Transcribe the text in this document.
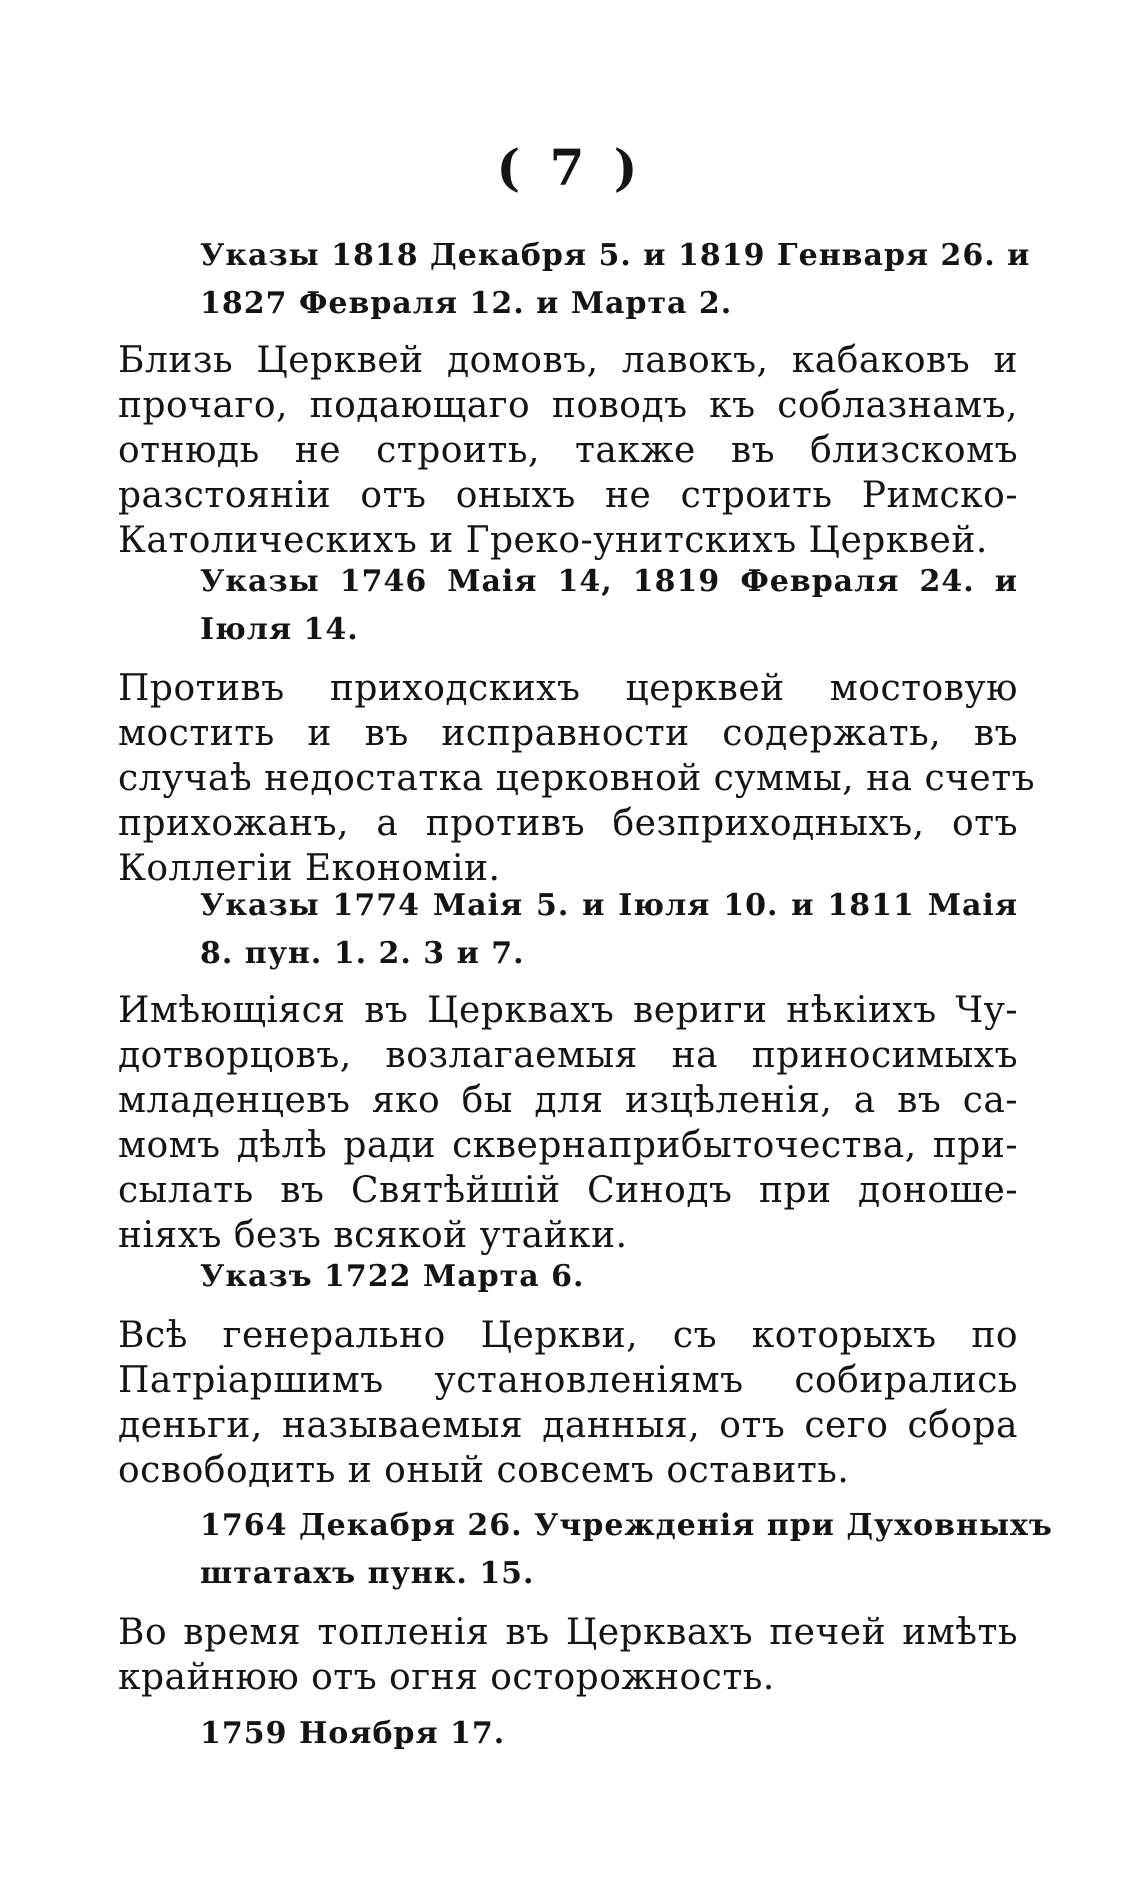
( 7 )
Указы 1818 Декабря 5. и 1819 Генваря 26. и
1827 Февраля 12. и Марта 2.
Близь Церквей домовъ, лавокъ, кабаковъ и
прочаго, подающаго поводъ къ соблазнамъ,
отнюдь не строить, также въ близскомъ
разстояніи отъ оныхъ не строить Римско-
Католическихъ и Греко-унитскихъ Церквей.
Указы 1746 Маія 14, 1819 Февраля 24. и
Іюля 14.
Противъ приходскихъ церквей мостовую
мостить и въ исправности содержать, въ
случаѣ недостатка церковной суммы, на счетъ
прихожанъ, а противъ безприходныхъ, отъ
Коллегіи Економіи.
Указы 1774 Маія 5. и Іюля 10. и 1811 Маія
8. пун. 1. 2. 3 и 7.
Имѣющіяся въ Церквахъ вериги нѣкіихъ Чу-
дотворцовъ, возлагаемыя на приносимыхъ
младенцевъ яко бы для изцѣленія, а въ са-
момъ дѣлѣ ради сквернаприбыточества, при-
сылать въ Святѣйшій Синодъ при доноше-
ніяхъ безъ всякой утайки.
Указъ 1722 Марта 6.
Всѣ генерально Церкви, съ которыхъ по
Патріаршимъ установленіямъ собирались
деньги, называемыя данныя, отъ сего сбора
освободить и оный совсемъ оставить.
1764 Декабря 26. Учрежденія при Духовныхъ
штатахъ пунк. 15.
Во время топленія въ Церквахъ печей имѣть
крайнюю отъ огня осторожность.
1759 Ноября 17.
